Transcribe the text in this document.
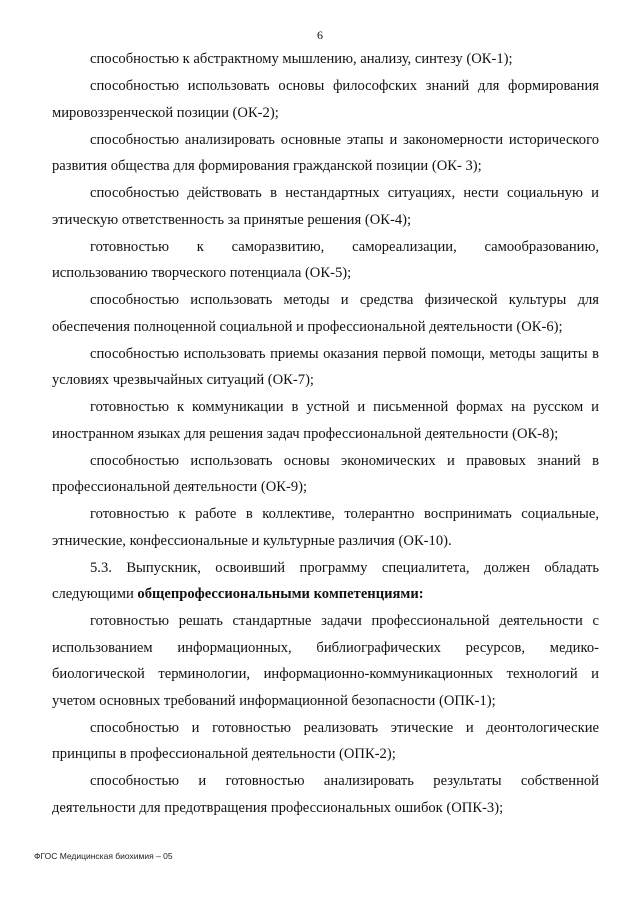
6

способностью к абстрактному мышлению, анализу, синтезу (ОК-1);

способностью использовать основы философских знаний для формирования мировоззренческой позиции (ОК-2);

способностью анализировать основные этапы и закономерности исторического развития общества для формирования гражданской позиции (ОК- 3);

способностью действовать в нестандартных ситуациях, нести социальную и этическую ответственность за принятые решения (ОК-4);

готовностью к саморазвитию, самореализации, самообразованию, использованию творческого потенциала (ОК-5);

способностью использовать методы и средства физической культуры для обеспечения полноценной социальной и профессиональной деятельности (ОК-6);

способностью использовать приемы оказания первой помощи, методы защиты в условиях чрезвычайных ситуаций (ОК-7);

готовностью к коммуникации в устной и письменной формах на русском и иностранном языках для решения задач профессиональной деятельности (ОК-8);

способностью использовать основы экономических и правовых знаний в профессиональной деятельности (ОК-9);

готовностью к работе в коллективе, толерантно воспринимать социальные, этнические, конфессиональные и культурные различия (ОК-10).

5.3. Выпускник, освоивший программу специалитета, должен обладать следующими общепрофессиональными компетенциями:

готовностью решать стандартные задачи профессиональной деятельности с использованием информационных, библиографических ресурсов, медико-биологической терминологии, информационно-коммуникационных технологий и учетом основных требований информационной безопасности (ОПК-1);

способностью и готовностью реализовать этические и деонтологические принципы в профессиональной деятельности (ОПК-2);

способностью и готовностью анализировать результаты собственной деятельности для предотвращения профессиональных ошибок (ОПК-3);

ФГОС Медицинская биохимия – 05
